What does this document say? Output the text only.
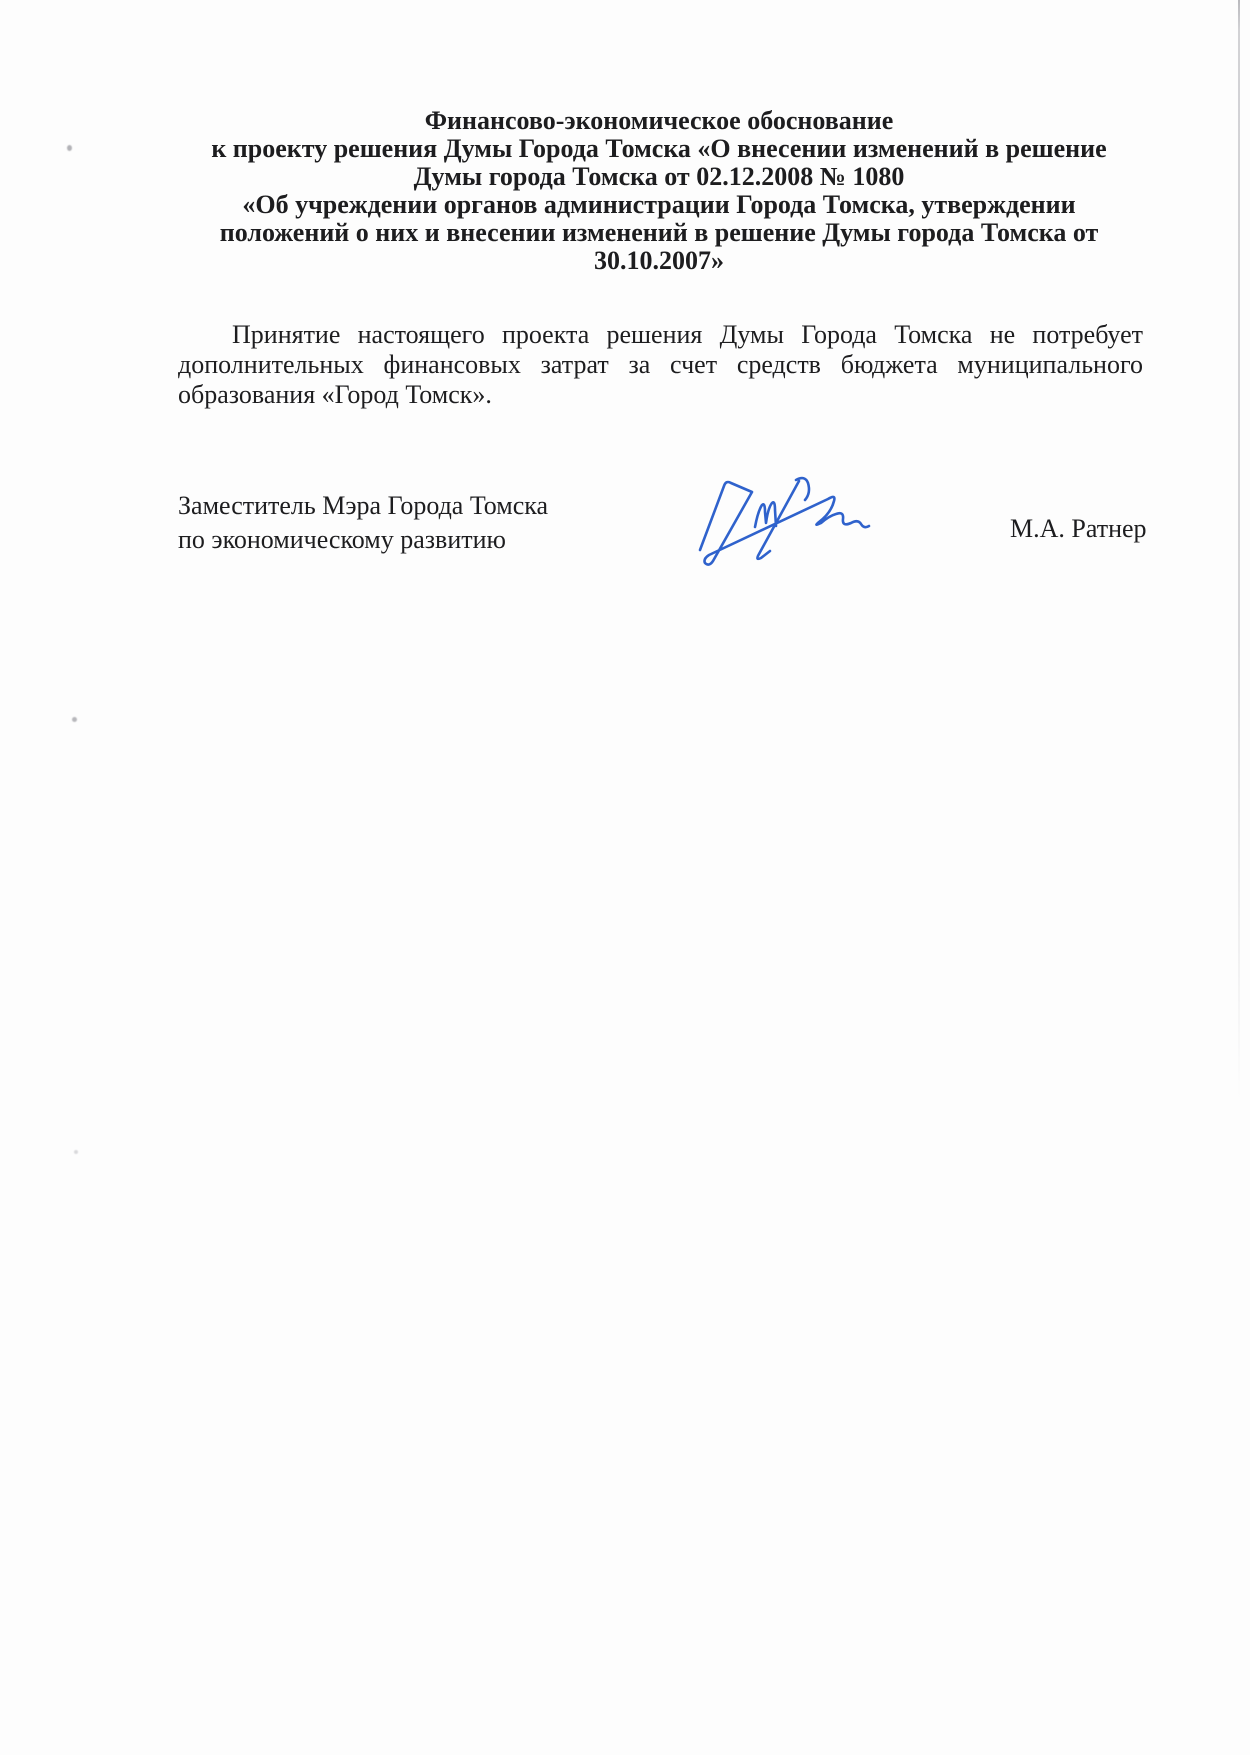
Финансово-экономическое обоснование
к проекту решения Думы Города Томска «О внесении изменений в решение
Думы города Томска от 02.12.2008 № 1080
«Об учреждении органов администрации Города Томска, утверждении
положений о них и внесении изменений в решение Думы города Томска от
30.10.2007»
Принятие настоящего проекта решения Думы Города Томска не потребует
дополнительных финансовых затрат за счет средств бюджета муниципального
образования «Город Томск».
Заместитель Мэра Города Томска
по экономическому развитию	М.А. Ратнер
